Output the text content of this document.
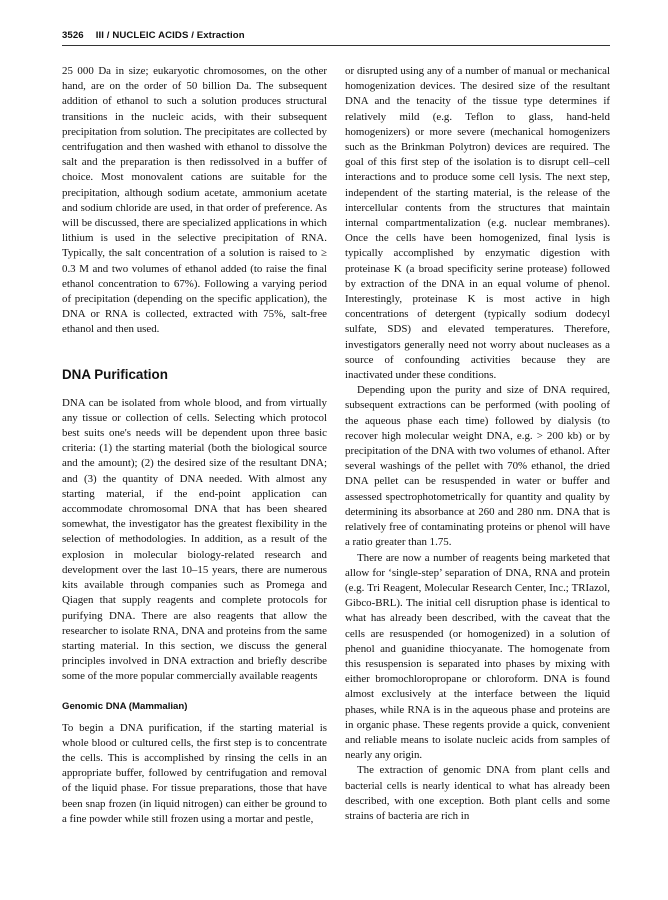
3526 III / NUCLEIC ACIDS / Extraction

25 000 Da in size; eukaryotic chromosomes, on the other hand, are on the order of 50 billion Da. The subsequent addition of ethanol to such a solution produces structural transitions in the nucleic acids, with their subsequent precipitation from solution. The precipitates are collected by centrifugation and then washed with ethanol to dissolve the salt and the preparation is then redissolved in a buffer of choice. Most monovalent cations are suitable for the precipitation, although sodium acetate, ammonium acetate and sodium chloride are used, in that order of preference. As will be discussed, there are specialized applications in which lithium is used in the selective precipitation of RNA. Typically, the salt concentration of a solution is raised to ≥ 0.3 M and two volumes of ethanol added (to raise the final ethanol concentration to 67%). Following a varying period of precipitation (depending on the specific application), the DNA or RNA is collected, extracted with 75%, salt-free ethanol and then used.

DNA Purification

DNA can be isolated from whole blood, and from virtually any tissue or collection of cells. Selecting which protocol best suits one's needs will be dependent upon three basic criteria: (1) the starting material (both the biological source and the amount); (2) the desired size of the resultant DNA; and (3) the quantity of DNA needed. With almost any starting material, if the end-point application can accommodate chromosomal DNA that has been sheared somewhat, the investigator has the greatest flexibility in the selection of methodologies. In addition, as a result of the explosion in molecular biology-related research and development over the last 10–15 years, there are numerous kits available through companies such as Promega and Qiagen that supply reagents and complete protocols for purifying DNA. There are also reagents that allow the researcher to isolate RNA, DNA and proteins from the same starting material. In this section, we discuss the general principles involved in DNA extraction and briefly describe some of the more popular commercially available reagents

Genomic DNA (Mammalian)

To begin a DNA purification, if the starting material is whole blood or cultured cells, the first step is to concentrate the cells. This is accomplished by rinsing the cells in an appropriate buffer, followed by centrifugation and removal of the liquid phase. For tissue preparations, those that have been snap frozen (in liquid nitrogen) can either be ground to a fine powder while still frozen using a mortar and pestle,

or disrupted using any of a number of manual or mechanical homogenization devices. The desired size of the resultant DNA and the tenacity of the tissue type determines if relatively mild (e.g. Teflon to glass, hand-held homogenizers) or more severe (mechanical homogenizers such as the Brinkman Polytron) devices are required. The goal of this first step of the isolation is to disrupt cell–cell interactions and to produce some cell lysis. The next step, independent of the starting material, is the release of the intercellular contents from the structures that maintain internal compartmentalization (e.g. nuclear membranes). Once the cells have been homogenized, final lysis is typically accomplished by enzymatic digestion with proteinase K (a broad specificity serine protease) followed by extraction of the DNA in an equal volume of phenol. Interestingly, proteinase K is most active in high concentrations of detergent (typically sodium dodecyl sulfate, SDS) and elevated temperatures. Therefore, investigators generally need not worry about nucleases as a source of confounding activities because they are inactivated under these conditions.

Depending upon the purity and size of DNA required, subsequent extractions can be performed (with pooling of the aqueous phase each time) followed by dialysis (to recover high molecular weight DNA, e.g. > 200 kb) or by precipitation of the DNA with two volumes of ethanol. After several washings of the pellet with 70% ethanol, the dried DNA pellet can be resuspended in water or buffer and assessed spectrophotometrically for quantity and quality by determining its absorbance at 260 and 280 nm. DNA that is relatively free of contaminating proteins or phenol will have a ratio greater than 1.75.

There are now a number of reagents being marketed that allow for ‘single-step’ separation of DNA, RNA and protein (e.g. Tri Reagent, Molecular Research Center, Inc.; TRIazol, Gibco-BRL). The initial cell disruption phase is identical to what has already been described, with the caveat that the cells are resuspended (or homogenized) in a solution of phenol and guanidine thiocyanate. The homogenate from this resuspension is separated into phases by mixing with either bromochloropropane or chloroform. DNA is found almost exclusively at the interface between the liquid phases, while RNA is in the aqueous phase and proteins are in organic phase. These regents provide a quick, convenient and reliable means to isolate nucleic acids from samples of nearly any origin.

The extraction of genomic DNA from plant cells and bacterial cells is nearly identical to what has already been described, with one exception. Both plant cells and some strains of bacteria are rich in
